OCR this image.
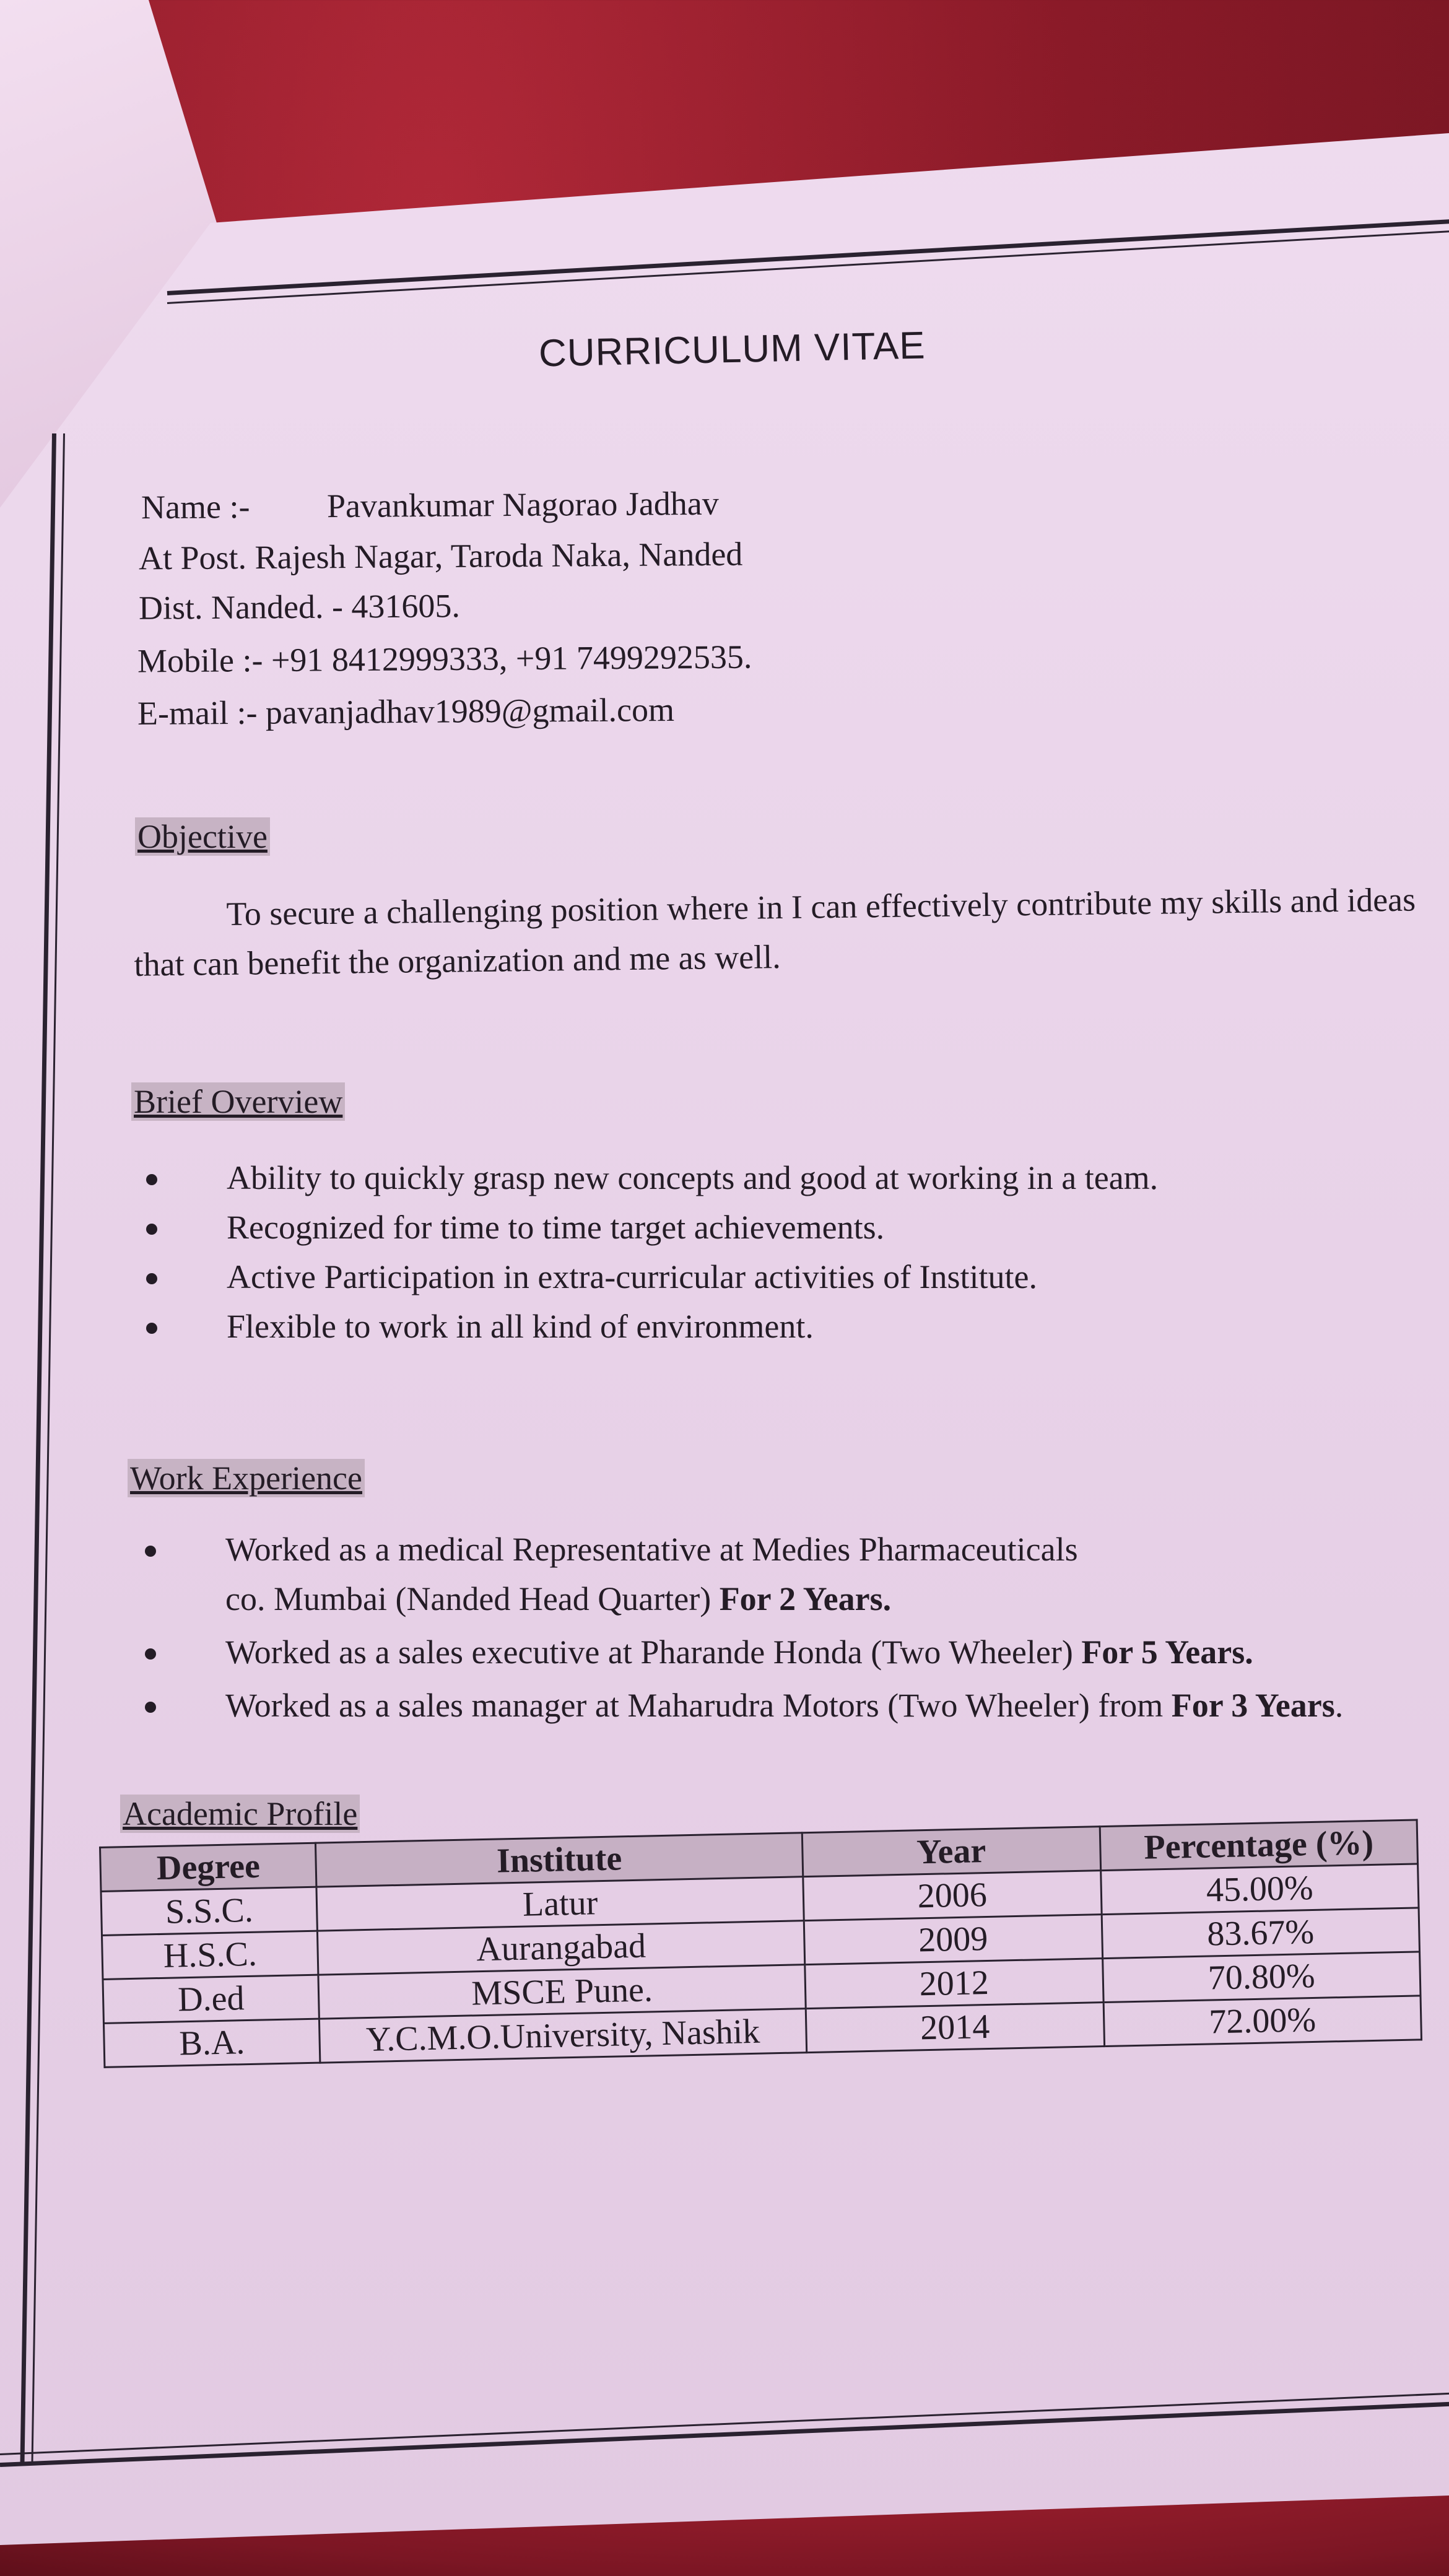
CURRICULUM VITAE
Name :- Pavankumar Nagorao Jadhav
At Post. Rajesh Nagar, Taroda Naka, Nanded
Dist. Nanded. - 431605.
Mobile :- +91 8412999333, +91 7499292535.
E-mail :- pavanjadhav1989@gmail.com
Objective
To secure a challenging position where in I can effectively contribute my skills and ideas that can benefit the organization and me as well.
Brief Overview
Ability to quickly grasp new concepts and good at working in a team.
Recognized for time to time target achievements.
Active Participation in extra-curricular activities of Institute.
Flexible to work in all kind of environment.
Work Experience
Worked as a medical Representative at Medies Pharmaceuticals
co. Mumbai (Nanded Head Quarter) For 2 Years.
Worked as a sales executive at Pharande Honda (Two Wheeler) For 5 Years.
Worked as a sales manager at Maharudra Motors (Two Wheeler) from For 3 Years.
Academic Profile
Degree	Institute	Year	Percentage (%)
S.S.C.	Latur	2006	45.00%
H.S.C.	Aurangabad	2009	83.67%
D.ed	MSCE Pune.	2012	70.80%
B.A.	Y.C.M.O.University, Nashik	2014	72.00%
